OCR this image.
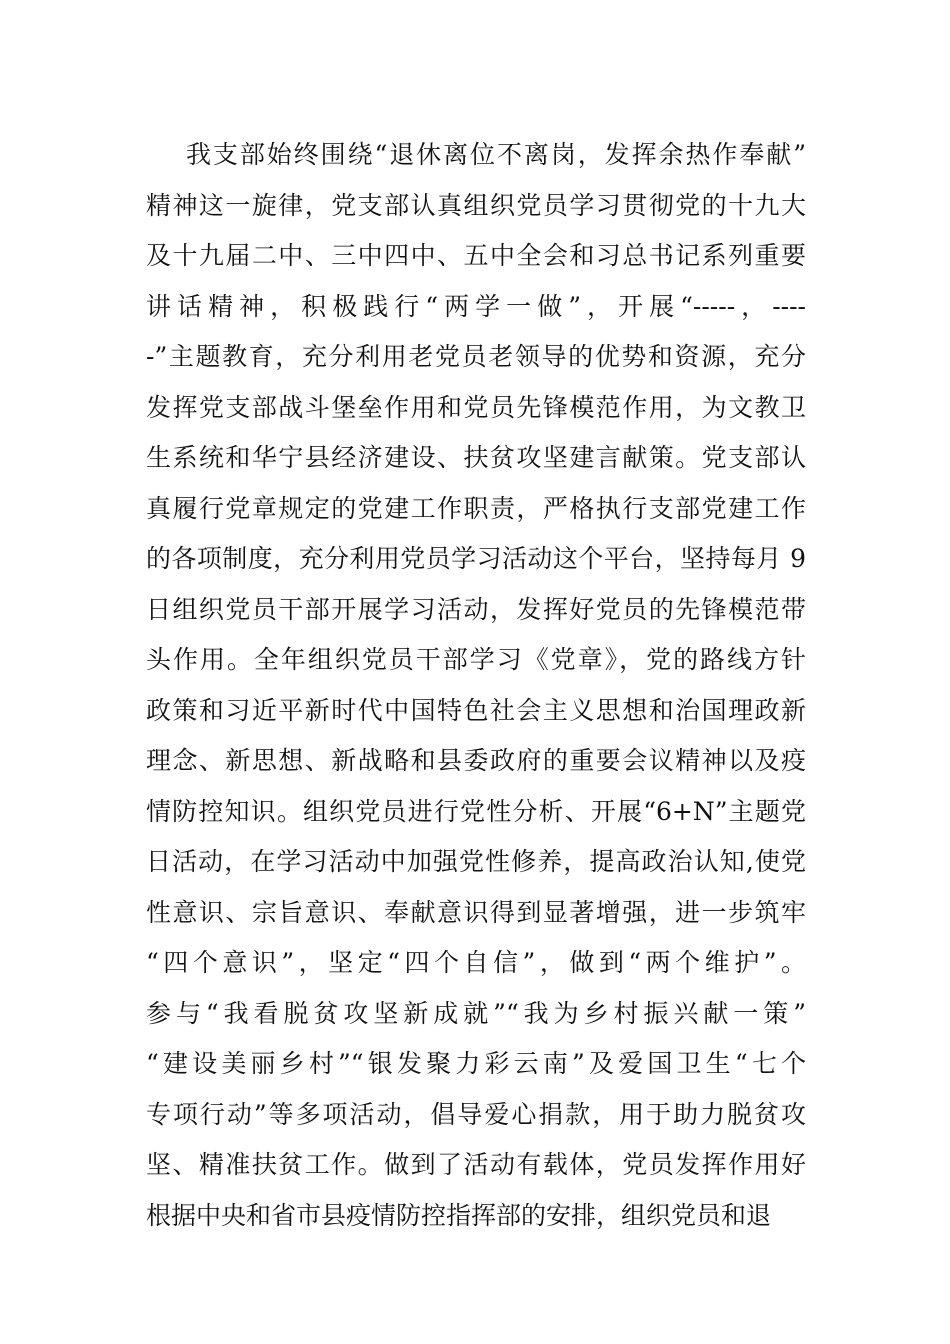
我支部始终围绕“退休离位不离岗，发挥余热作奉献”
精神这一旋律，党支部认真组织党员学习贯彻党的十九大
及十九届二中、三中四中、五中全会和习总书记系列重要
讲话精神，积极践行“两学一做”，开展“-----，----
-”主题教育，充分利用老党员老领导的优势和资源，充分
发挥党支部战斗堡垒作用和党员先锋模范作用，为文教卫
生系统和华宁县经济建设、扶贫攻坚建言献策。党支部认
真履行党章规定的党建工作职责，严格执行支部党建工作
的各项制度，充分利用党员学习活动这个平台，坚持每月 9
日组织党员干部开展学习活动，发挥好党员的先锋模范带
头作用。全年组织党员干部学习《党章》，党的路线方针
政策和习近平新时代中国特色社会主义思想和治国理政新
理念、新思想、新战略和县委政府的重要会议精神以及疫
情防控知识。组织党员进行党性分析、开展“6+N”主题党
日活动，在学习活动中加强党性修养，提高政治认知,使党
性意识、宗旨意识、奉献意识得到显著增强，进一步筑牢
“四个意识”，坚定“四个自信”，做到“两个维护”。
参与“我看脱贫攻坚新成就”“我为乡村振兴献一策”
“建设美丽乡村”“银发聚力彩云南”及爱国卫生“七个
专项行动”等多项活动，倡导爱心捐款，用于助力脱贫攻
坚、精准扶贫工作。做到了活动有载体，党员发挥作用好
根据中央和省市县疫情防控指挥部的安排，组织党员和退
